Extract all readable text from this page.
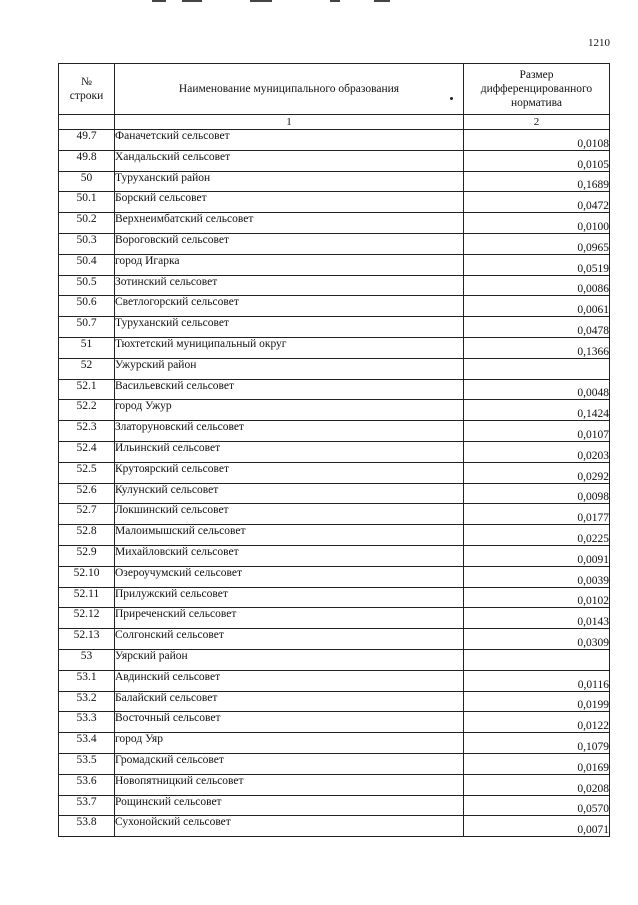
1210
№
строки	Наименование муниципального образования	Размер
дифференцированного
норматива
	1	2
49.7	Фаначетский сельсовет	0,0108
49.8	Хандальский сельсовет	0,0105
50	Туруханский район	0,1689
50.1	Борский сельсовет	0,0472
50.2	Верхнеимбатский сельсовет	0,0100
50.3	Вороговский сельсовет	0,0965
50.4	город Игарка	0,0519
50.5	Зотинский сельсовет	0,0086
50.6	Светлогорский сельсовет	0,0061
50.7	Туруханский сельсовет	0,0478
51	Тюхтетский муниципальный округ	0,1366
52	Ужурский район	
52.1	Васильевский сельсовет	0,0048
52.2	город Ужур	0,1424
52.3	Златоруновский сельсовет	0,0107
52.4	Ильинский сельсовет	0,0203
52.5	Крутоярский сельсовет	0,0292
52.6	Кулунский сельсовет	0,0098
52.7	Локшинский сельсовет	0,0177
52.8	Малоимышский сельсовет	0,0225
52.9	Михайловский сельсовет	0,0091
52.10	Озероучумский сельсовет	0,0039
52.11	Прилужский сельсовет	0,0102
52.12	Приреченский сельсовет	0,0143
52.13	Солгонский сельсовет	0,0309
53	Уярский район	
53.1	Авдинский сельсовет	0,0116
53.2	Балайский сельсовет	0,0199
53.3	Восточный сельсовет	0,0122
53.4	город Уяр	0,1079
53.5	Громадский сельсовет	0,0169
53.6	Новопятницкий сельсовет	0,0208
53.7	Рощинский сельсовет	0,0570
53.8	Сухонойский сельсовет	0,0071
